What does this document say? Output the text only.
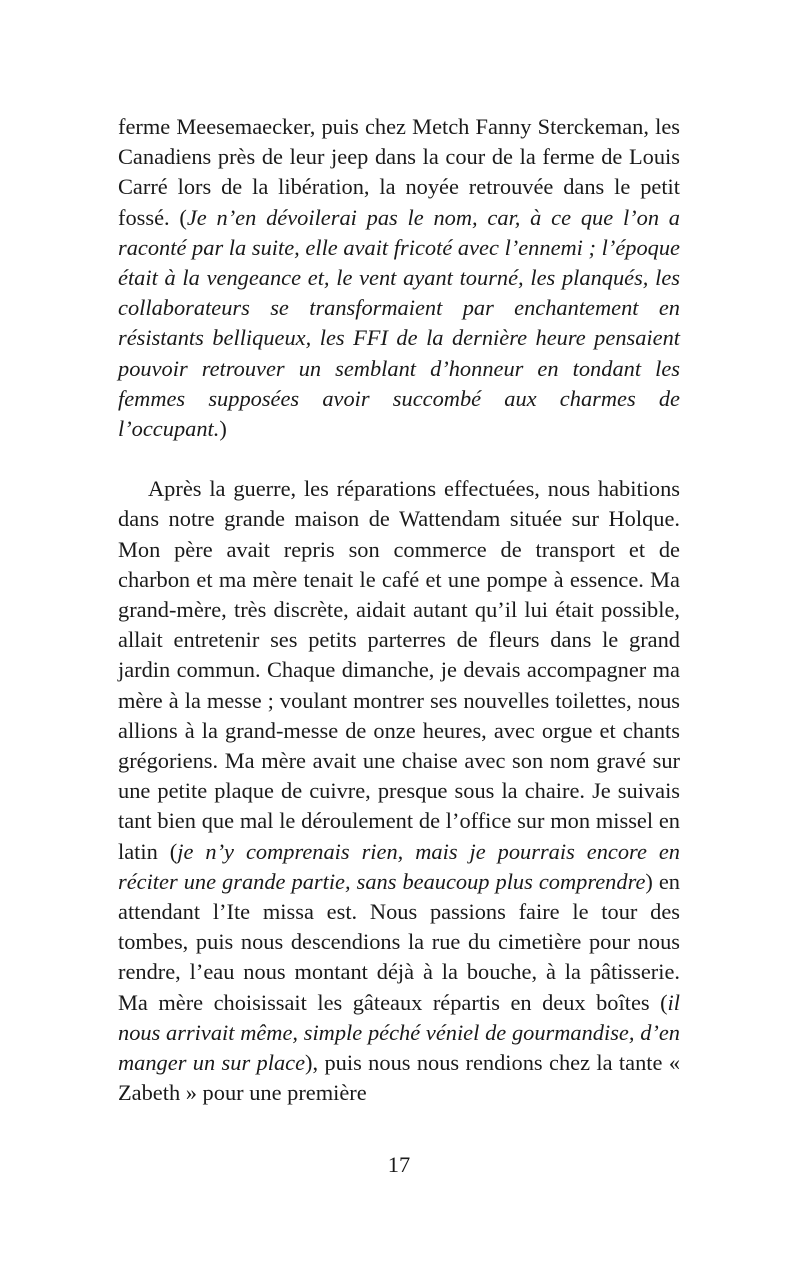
ferme Meesemaecker, puis chez Metch Fanny Sterckeman, les Canadiens près de leur jeep dans la cour de la ferme de Louis Carré lors de la libération, la noyée retrouvée dans le petit fossé. (Je n’en dévoilerai pas le nom, car, à ce que l’on a raconté par la suite, elle avait fricoté avec l’ennemi ; l’époque était à la vengeance et, le vent ayant tourné, les planqués, les collaborateurs se transformaient par enchantement en résistants belliqueux, les FFI de la dernière heure pensaient pouvoir retrouver un semblant d’honneur en tondant les femmes supposées avoir succombé aux charmes de l’occupant.)

Après la guerre, les réparations effectuées, nous habitions dans notre grande maison de Wattendam située sur Holque. Mon père avait repris son commerce de transport et de charbon et ma mère tenait le café et une pompe à essence. Ma grand-mère, très discrète, aidait autant qu’il lui était possible, allait entretenir ses petits parterres de fleurs dans le grand jardin commun. Chaque dimanche, je devais accompagner ma mère à la messe ; voulant montrer ses nouvelles toilettes, nous allions à la grand-messe de onze heures, avec orgue et chants grégoriens. Ma mère avait une chaise avec son nom gravé sur une petite plaque de cuivre, presque sous la chaire. Je suivais tant bien que mal le déroulement de l’office sur mon missel en latin (je n’y comprenais rien, mais je pourrais encore en réciter une grande partie, sans beaucoup plus comprendre) en attendant l’Ite missa est. Nous passions faire le tour des tombes, puis nous descendions la rue du cimetière pour nous rendre, l’eau nous montant déjà à la bouche, à la pâtisserie. Ma mère choisissait les gâteaux répartis en deux boîtes (il nous arrivait même, simple péché véniel de gourmandise, d’en manger un sur place), puis nous nous rendions chez la tante « Zabeth » pour une première

17
